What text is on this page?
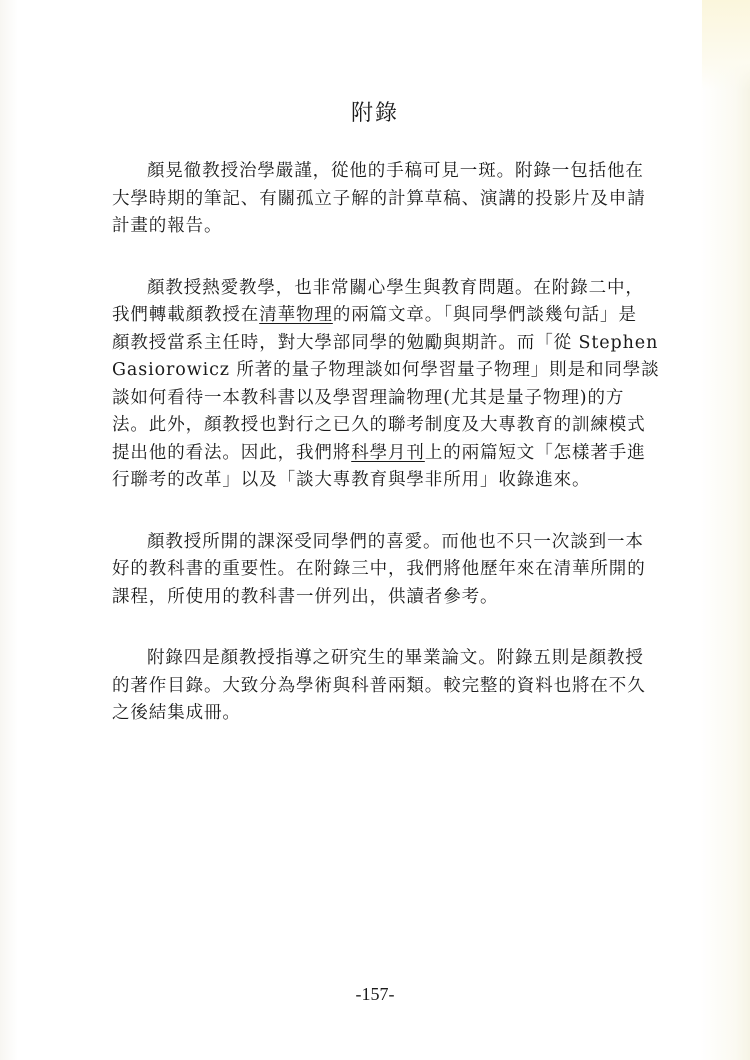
附錄

顏晃徹教授治學嚴謹，從他的手稿可見一斑。附錄一包括他在
大學時期的筆記、有關孤立子解的計算草稿、演講的投影片及申請
計畫的報告。

顏教授熱愛教學，也非常關心學生與教育問題。在附錄二中，
我們轉載顏教授在清華物理的兩篇文章。「與同學們談幾句話」是
顏教授當系主任時，對大學部同學的勉勵與期許。而「從 Stephen
Gasiorowicz 所著的量子物理談如何學習量子物理」則是和同學談
談如何看待一本教科書以及學習理論物理(尤其是量子物理)的方
法。此外，顏教授也對行之已久的聯考制度及大專教育的訓練模式
提出他的看法。因此，我們將科學月刊上的兩篇短文「怎樣著手進
行聯考的改革」以及「談大專教育與學非所用」收錄進來。

顏教授所開的課深受同學們的喜愛。而他也不只一次談到一本
好的教科書的重要性。在附錄三中，我們將他歷年來在清華所開的
課程，所使用的教科書一併列出，供讀者參考。

附錄四是顏教授指導之研究生的畢業論文。附錄五則是顏教授
的著作目錄。大致分為學術與科普兩類。較完整的資料也將在不久
之後結集成冊。

-157-
